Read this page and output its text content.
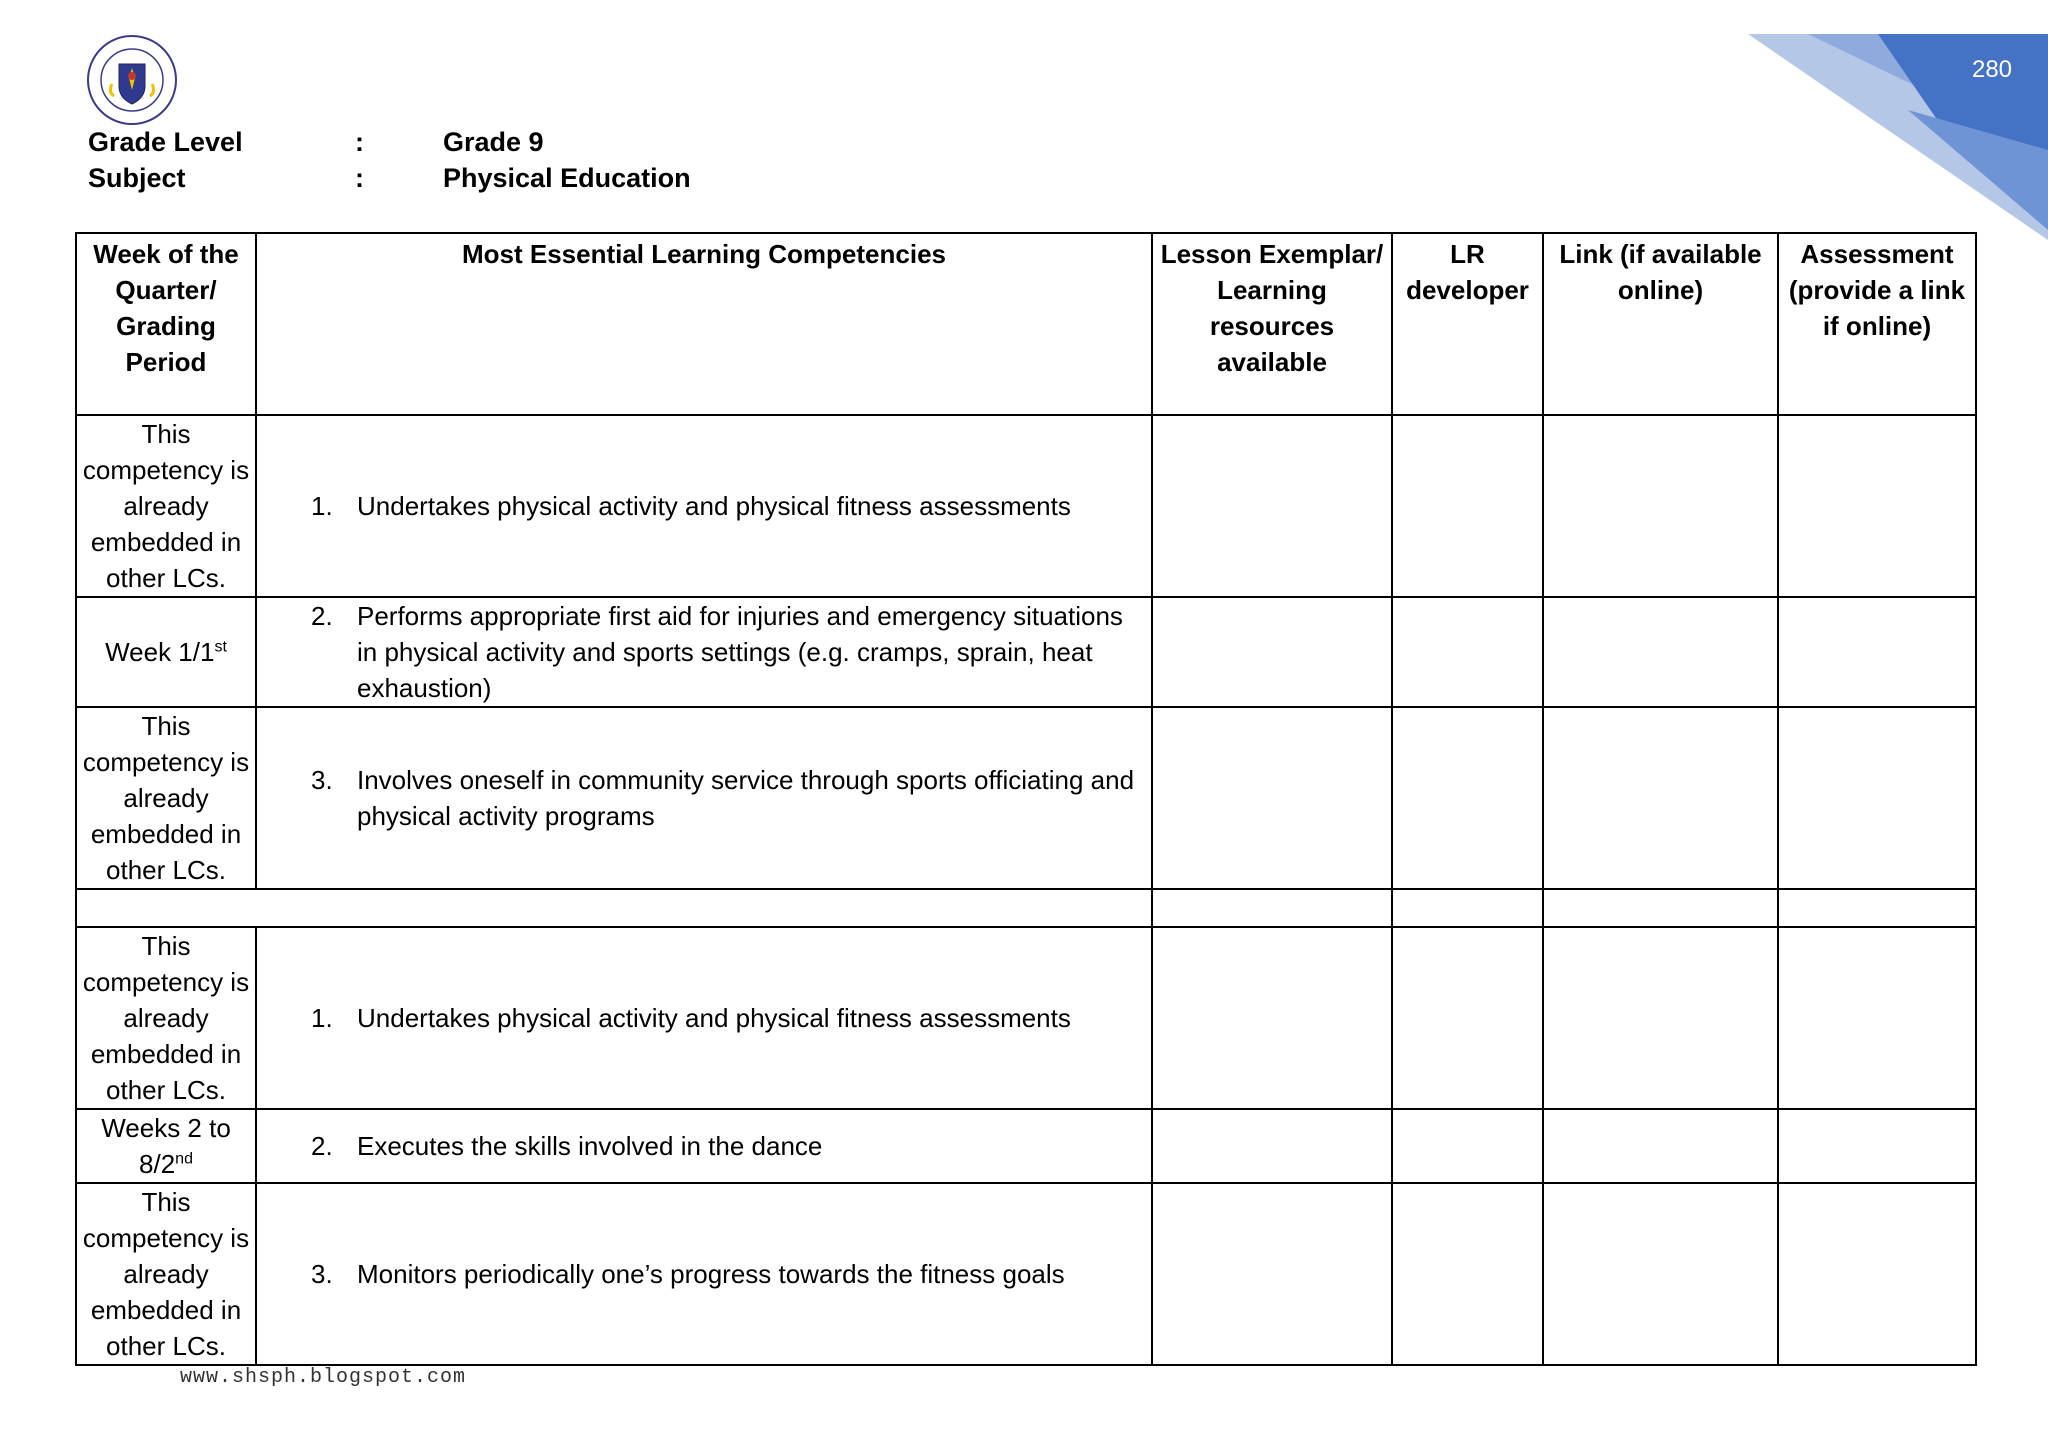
280
Grade Level	:	Grade 9
Subject	:	Physical Education
Week of the Quarter/ Grading Period	Most Essential Learning Competencies	Lesson Exemplar/ Learning resources available	LR developer	Link (if available online)	Assessment (provide a link if online)
This competency is already embedded in other LCs.	1. Undertakes physical activity and physical fitness assessments				

Week 1/1st	2. Performs appropriate first aid for injuries and emergency situations in physical activity and sports settings (e.g. cramps, sprain, heat exhaustion)				

This competency is already embedded in other LCs.	3. Involves oneself in community service through sports officiating and physical activity programs				

This competency is already embedded in other LCs.	1. Undertakes physical activity and physical fitness assessments				

Weeks 2 to 8/2nd	2. Executes the skills involved in the dance				

This competency is already embedded in other LCs.	3. Monitors periodically one’s progress towards the fitness goals				

www.shsph.blogspot.com
